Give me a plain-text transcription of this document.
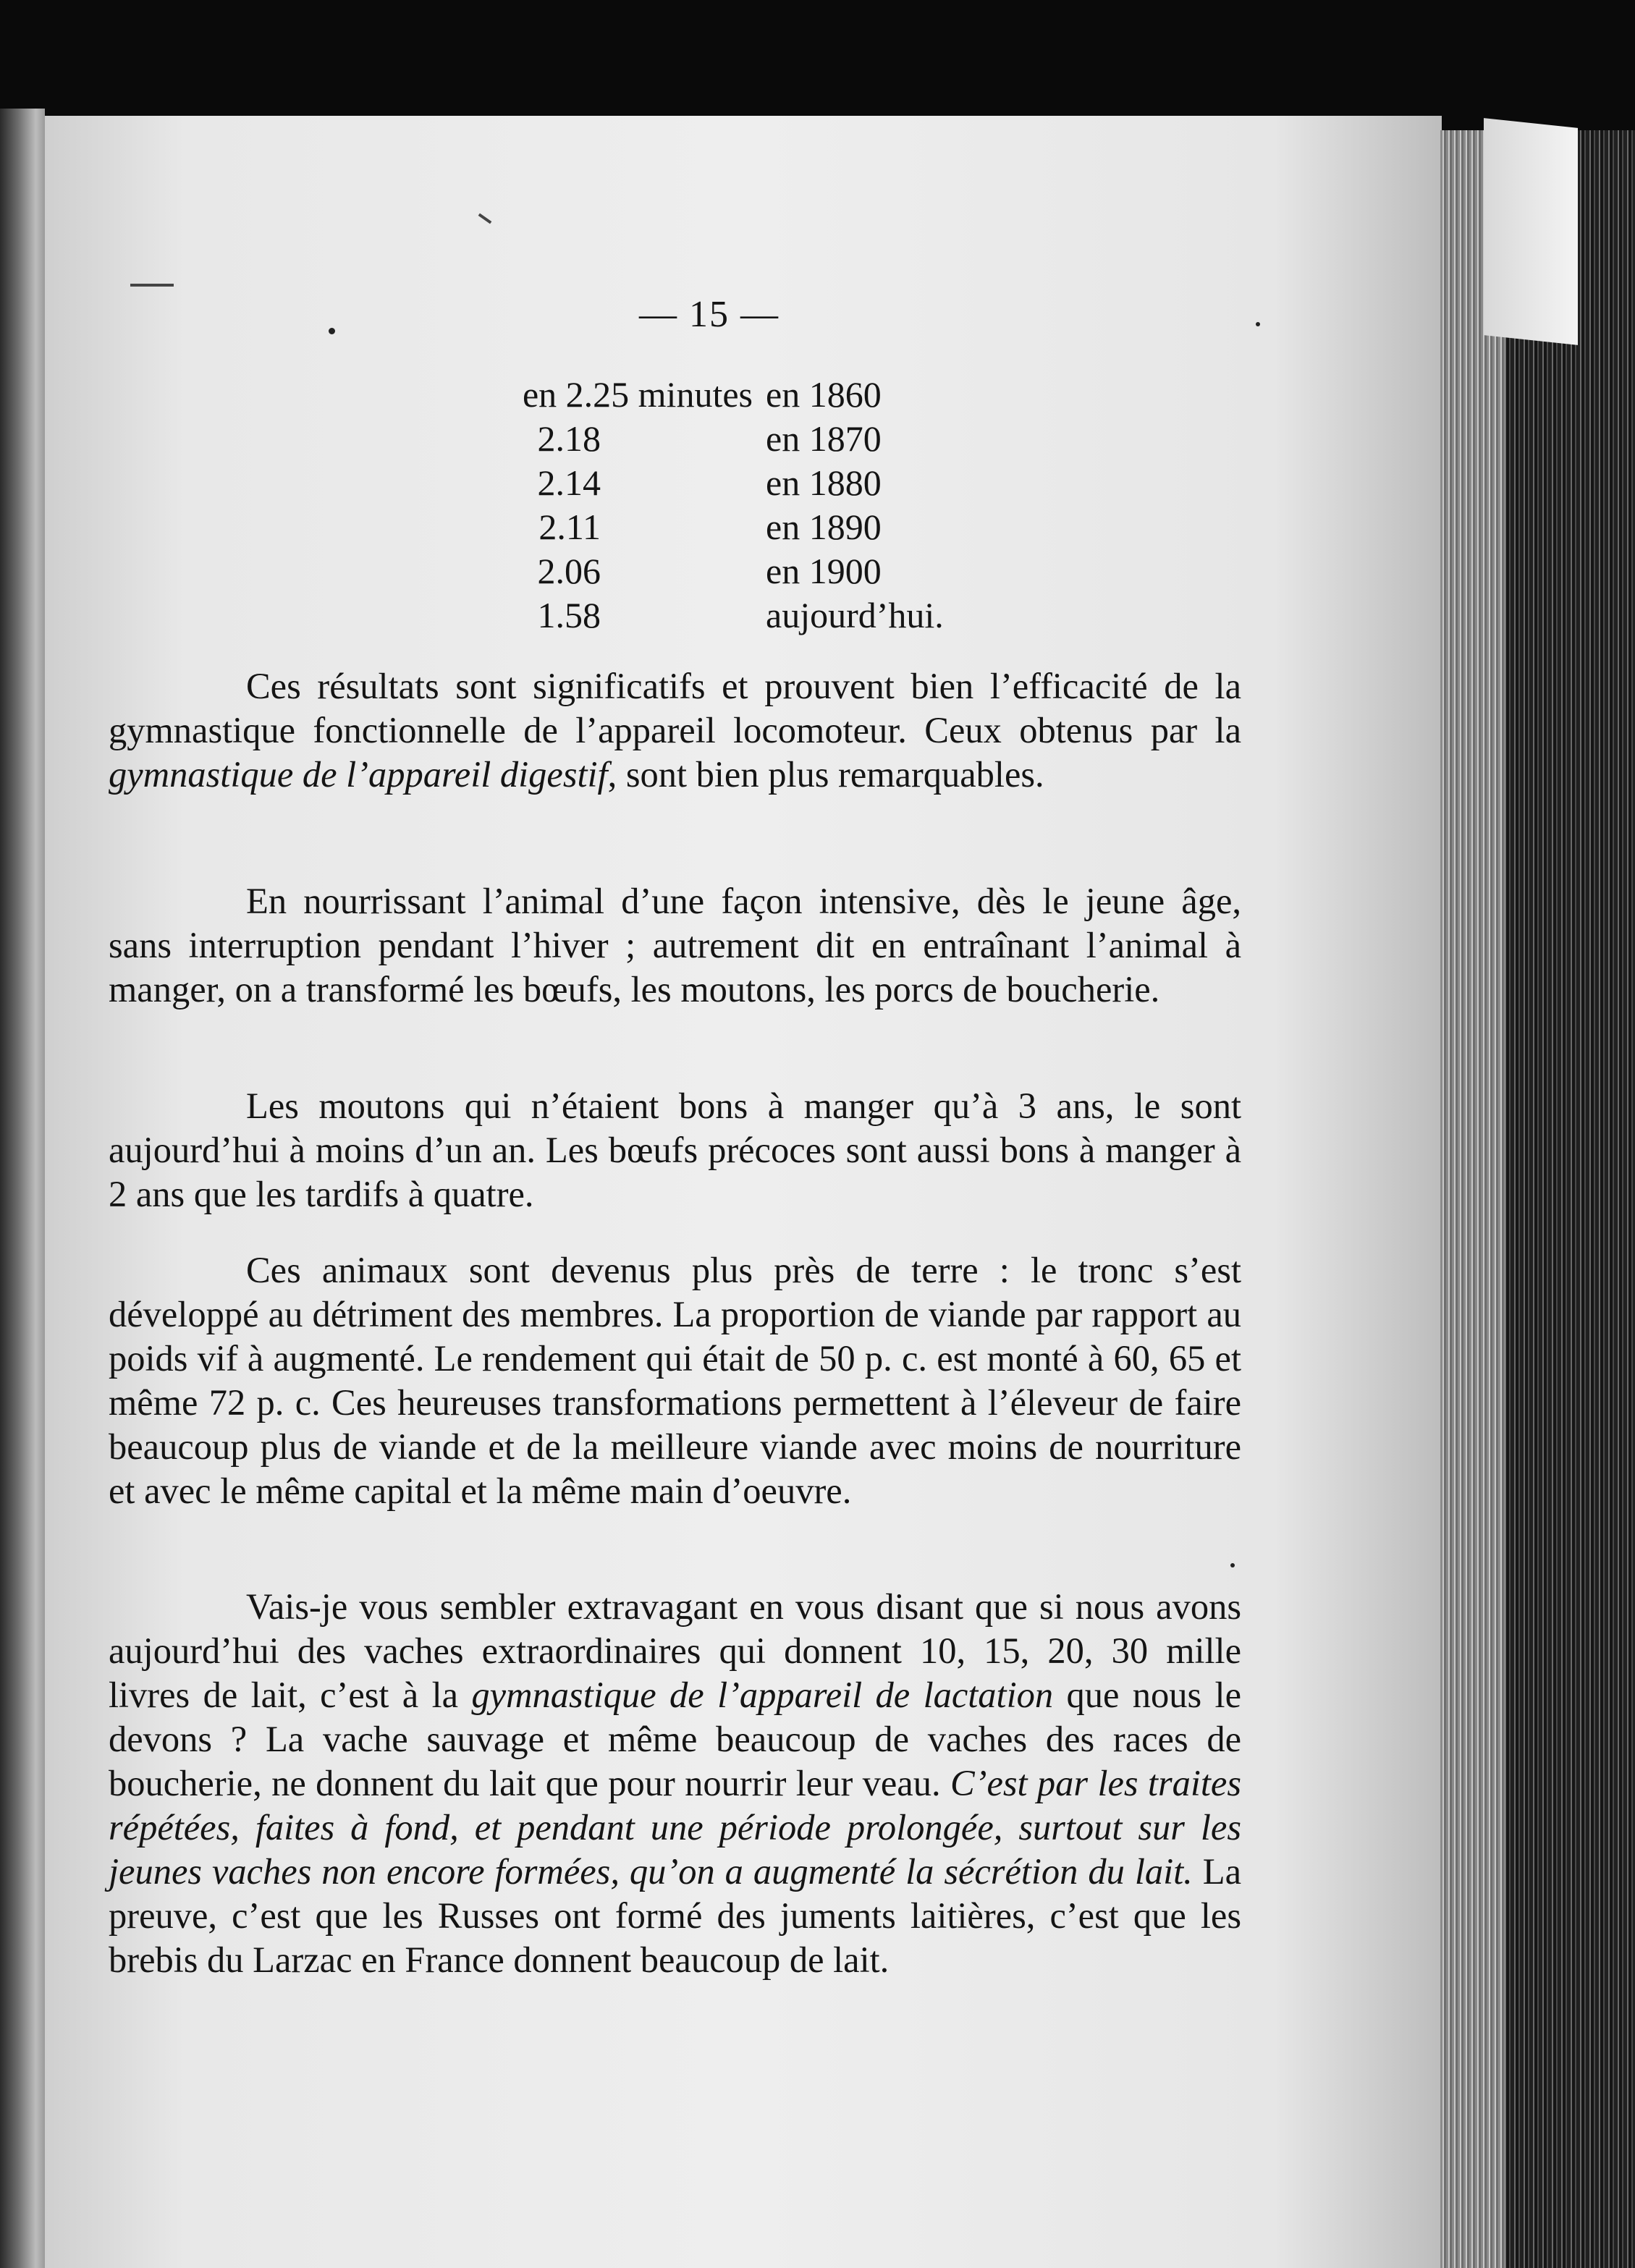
— 15 —
en 2.25 minutes en 1860
2.18	en 1870
2.14	en 1880
2.11	en 1890
2.06	en 1900
1.58	aujourd’hui.

Ces résultats sont significatifs et prouvent bien l’efficacité de la gymnastique fonctionnelle de l’appareil locomoteur. Ceux obtenus par la gymnastique de l’appareil digestif, sont bien plus remarquables.

En nourrissant l’animal d’une façon intensive, dès le jeune âge, sans interruption pendant l’hiver ; autrement dit en entraînant l’animal à manger, on a transformé les bœufs, les moutons, les porcs de boucherie.

Les moutons qui n’étaient bons à manger qu’à 3 ans, le sont aujourd’hui à moins d’un an. Les bœufs précoces sont aussi bons à manger à 2 ans que les tardifs à quatre.

Ces animaux sont devenus plus près de terre : le tronc s’est développé au détriment des membres. La proportion de viande par rapport au poids vif à augmenté. Le rendement qui était de 50 p. c. est monté à 60, 65 et même 72 p. c. Ces heureuses transformations permettent à l’éleveur de faire beaucoup plus de viande et de la meilleure viande avec moins de nourriture et avec le même capital et la même main d’oeuvre.

Vais-je vous sembler extravagant en vous disant que si nous avons aujourd’hui des vaches extraordinaires qui donnent 10, 15, 20, 30 mille livres de lait, c’est à la gymnastique de l’appareil de lactation que nous le devons ? La vache sauvage et même beaucoup de vaches des races de boucherie, ne donnent du lait que pour nourrir leur veau. C’est par les traites répétées, faites à fond, et pendant une période prolongée, surtout sur les jeunes vaches non encore formées, qu’on a augmenté la sécrétion du lait. La preuve, c’est que les Russes ont formé des juments laitières, c’est que les brebis du Larzac en France donnent beaucoup de lait.
